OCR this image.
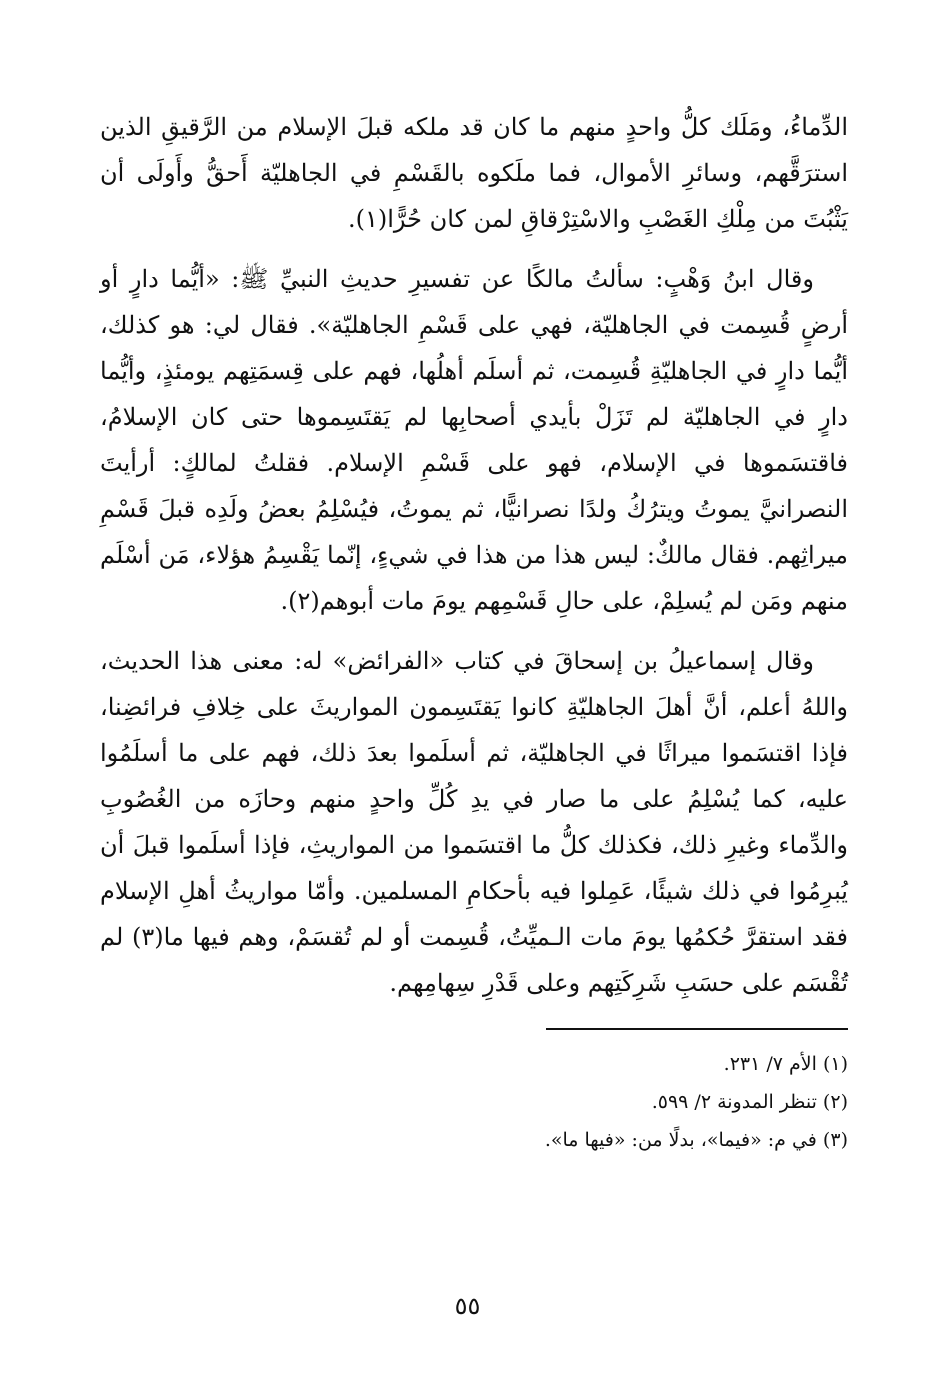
الدِّماءُ، ومَلَك كلُّ واحدٍ منهم ما كان قد ملكه قبلَ الإسلام من الرَّقيقِ الذين استرَقَّهم، وسائرِ الأموال، فما ملَكوه بالقَسْمِ في الجاهليّة أَحقُّ وأَولَى أن يَثْبُتَ من مِلْكِ الغَصْبِ والاسْتِرْقاقِ لمن كان حُرًّا(١).

وقال ابنُ وَهْبٍ: سألتُ مالكًا عن تفسيرِ حديثِ النبيِّ ﷺ: «أيُّما دارٍ أو أرضٍ قُسِمت في الجاهليّة، فهي على قَسْمِ الجاهليّة». فقال لي: هو كذلك، أيُّما دارٍ في الجاهليّةِ قُسِمت، ثم أسلَم أهلُها، فهم على قِسمَتِهم يومئذٍ، وأيُّما دارٍ في الجاهليّة لم تَزَلْ بأيدي أصحابِها لم يَقتَسِموها حتى كان الإسلامُ، فاقتسَموها في الإسلام، فهو على قَسْمِ الإسلام. فقلتُ لمالكٍ: أرأيتَ النصرانيَّ يموتُ ويترُكُ ولدًا نصرانيًّا، ثم يموتُ، فيُسْلِمُ بعضُ ولَدِه قبلَ قَسْمِ ميراثِهم. فقال مالكٌ: ليس هذا من هذا في شيءٍ، إنّما يَقْسِمُ هؤلاء، مَن أسْلَم منهم ومَن لم يُسلِمْ، على حالِ قَسْمِهم يومَ مات أبوهم(٢).

وقال إسماعيلُ بن إسحاقَ في كتاب «الفرائض» له: معنى هذا الحديث، واللهُ أعلم، أنَّ أهلَ الجاهليّةِ كانوا يَقتَسِمون المواريثَ على خِلافِ فرائضِنا، فإذا اقتسَموا ميراثًا في الجاهليّة، ثم أسلَموا بعدَ ذلك، فهم على ما أسلَمُوا عليه، كما يُسْلِمُ على ما صار في يدِ كُلِّ واحدٍ منهم وحازَه من الغُصُوبِ والدِّماء وغيرِ ذلك، فكذلك كلُّ ما اقتسَموا من المواريثِ، فإذا أسلَموا قبلَ أن يُبرِمُوا في ذلك شيئًا، عَمِلوا فيه بأحكامِ المسلمين. وأمّا مواريثُ أهلِ الإسلام فقد استقرَّ حُكمُها يومَ مات الـميِّتُ، قُسِمت أو لم تُقسَمْ، وهم فيها ما(٣) لم تُقْسَم على حسَبِ شَرِكَتِهم وعلى قَدْرِ سِهامِهم.

(١) الأم ٧/ ٢٣١.

(٢) تنظر المدونة ٢/ ٥٩٩.

(٣) في م: «فيما»، بدلًا من: «فيها ما».

٥٥
